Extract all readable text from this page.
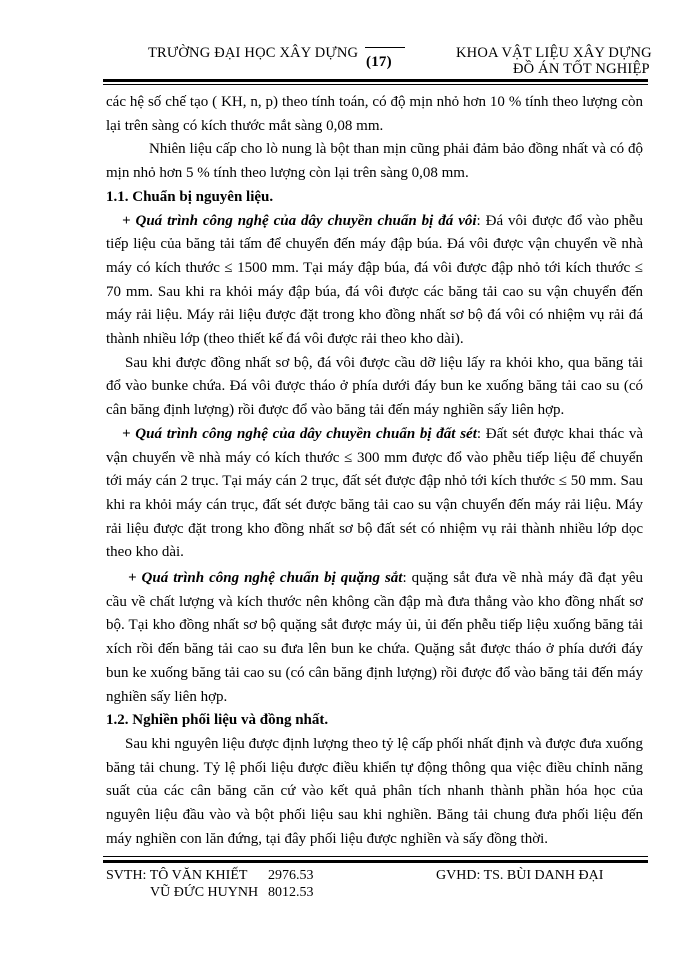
TRƯỜNG ĐẠI HỌC XÂY DỰNG
(17)
KHOA VẬT LIỆU XÂY DỰNG
ĐỒ ÁN TỐT NGHIỆP

các hệ số chế tạo ( KH, n, p) theo tính toán, có độ mịn nhỏ hơn 10 % tính theo lượng còn lại trên sàng có kích thước mắt sàng 0,08 mm.

Nhiên liệu cấp cho lò nung là bột than mịn cũng phải đảm bảo đồng nhất và có độ mịn nhỏ hơn 5 % tính theo lượng còn lại trên sàng 0,08 mm.

1.1. Chuẩn bị nguyên liệu.

+ Quá trình công nghệ của dây chuyền chuẩn bị đá vôi: Đá vôi được đổ vào phễu tiếp liệu của băng tải tấm để chuyển đến máy đập búa. Đá vôi được vận chuyển về nhà máy có kích thước ≤ 1500 mm. Tại máy đập búa, đá vôi được đập nhỏ tới kích thước ≤ 70 mm. Sau khi ra khỏi máy đập búa, đá vôi được các băng tải cao su vận chuyển đến máy rải liệu. Máy rải liệu được đặt trong kho đồng nhất sơ bộ đá vôi có nhiệm vụ rải đá thành nhiều lớp (theo thiết kế đá vôi được rải theo kho dài).

Sau khi được đồng nhất sơ bộ, đá vôi được cầu dỡ liệu lấy ra khỏi kho, qua băng tải đổ vào bunke chứa. Đá vôi được tháo ở phía dưới đáy bun ke xuống băng tải cao su (có cân băng định lượng) rồi được đổ vào băng tải đến máy nghiền sấy liên hợp.

+ Quá trình công nghệ của dây chuyền chuẩn bị đất sét: Đất sét được khai thác và vận chuyển về nhà máy có kích thước ≤ 300 mm được đổ vào phễu tiếp liệu để chuyển tới máy cán 2 trục. Tại máy cán 2 trục, đất sét được đập nhỏ tới kích thước ≤ 50 mm. Sau khi ra khỏi máy cán trục, đất sét được băng tải cao su vận chuyển đến máy rải liệu. Máy rải liệu được đặt trong kho đồng nhất sơ bộ đất sét có nhiệm vụ rải thành nhiều lớp dọc theo kho dài.

+ Quá trình công nghệ chuẩn bị quặng sắt: quặng sắt đưa về nhà máy đã đạt yêu cầu về chất lượng và kích thước nên không cần đập mà đưa thẳng vào kho đồng nhất sơ bộ. Tại kho đồng nhất sơ bộ quặng sắt được máy ủi, ủi đến phễu tiếp liệu xuống băng tải xích rồi đến băng tải cao su đưa lên bun ke chứa. Quặng sắt được tháo ở phía dưới đáy bun ke xuống băng tải cao su (có cân băng định lượng) rồi được đổ vào băng tải đến máy nghiền sấy liên hợp.

1.2. Nghiền phối liệu và đồng nhất.

Sau khi nguyên liệu được định lượng theo tỷ lệ cấp phối nhất định và được đưa xuống băng tải chung. Tỷ lệ phối liệu được điều khiển tự động thông qua việc điều chỉnh năng suất của các cân băng căn cứ vào kết quả phân tích nhanh thành phần hóa học của nguyên liệu đầu vào và bột phối liệu sau khi nghiền. Băng tải chung đưa phối liệu đến máy nghiền con lăn đứng, tại đây phối liệu được nghiền và sấy đồng thời.

SVTH: TÔ VĂN KHIẾT
VŨ ĐỨC HUYNH
2976.53
8012.53
GVHD: TS. BÙI DANH ĐẠI
